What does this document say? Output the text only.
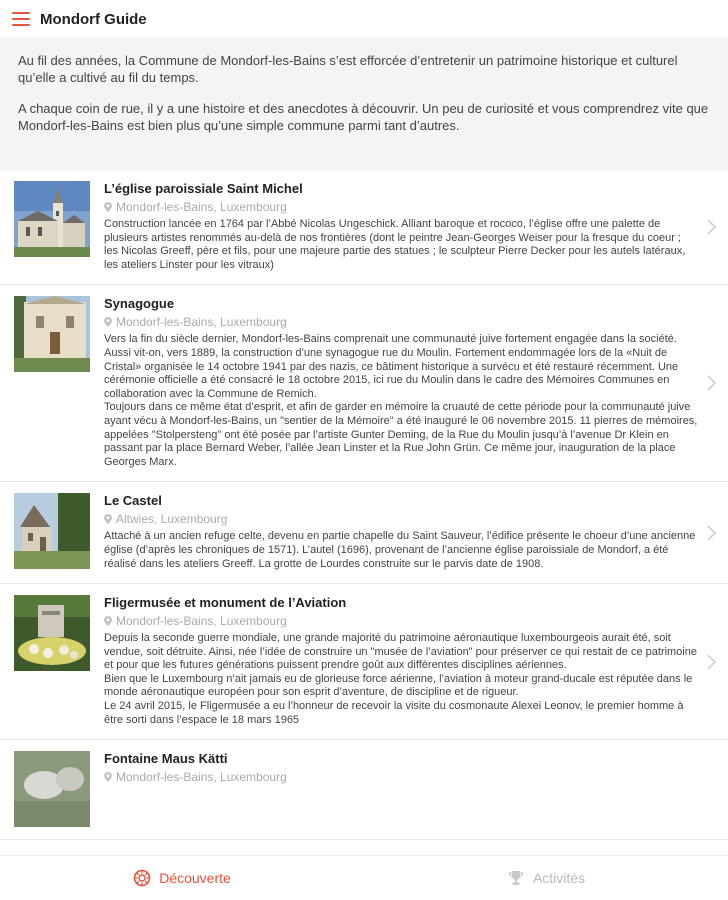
Mondorf Guide

Au fil des années, la Commune de Mondorf-les-Bains s’est efforcée d’entretenir un patrimoine historique et culturel qu’elle a cultivé au fil du temps.

A chaque coin de rue, il y a une histoire et des anecdotes à découvrir. Un peu de curiosité et vous comprendrez vite que Mondorf-les-Bains est bien plus qu’une simple commune parmi tant d’autres.

L’église paroissiale Saint Michel
Mondorf-les-Bains, Luxembourg
Construction lancée en 1764 par l’Abbé Nicolas Ungeschick. Alliant baroque et rococo, l’église offre une palette de plusieurs artistes renommés au-delà de nos frontières (dont le peintre Jean-Georges Weiser pour la fresque du coeur ; les Nicolas Greeff, père et fils, pour une majeure partie des statues ; le sculpteur Pierre Decker pour les autels latéraux, les ateliers Linster pour les vitraux)
Synagogue
Mondorf-les-Bains, Luxembourg
Vers la fin du siècle dernier, Mondorf-les-Bains comprenait une communauté juive fortement engagée dans la société. Aussi vit-on, vers 1889, la construction d’une synagogue rue du Moulin. Fortement endommagée lors de la «Nuit de Cristal» organisée le 14 octobre 1941 par des nazis, ce bâtiment historique a survécu et été restauré récemment. Une cérémonie officielle a été consacré le 18 octobre 2015, ici rue du Moulin dans le cadre des Mémoires Communes en collaboration avec la Commune de Remich.
Toujours dans ce même état d’esprit, et afin de garder en mémoire la cruauté de cette période pour la communauté juive ayant vécu à Mondorf-les-Bains, un "sentier de la Mémoire" a été inauguré le 06 novembre 2015. 11 pierres de mémoires, appelées "Stolpersteng" ont été posée par l’artiste Gunter Deming, de la Rue du Moulin jusqu’à l’avenue Dr Klein en passant par la place Bernard Weber, l’allée Jean Linster et la Rue John Grün. Ce même jour, inauguration de la place Georges Marx.
Le Castel
Altwies, Luxembourg
Attaché à un ancien refuge celte, devenu en partie chapelle du Saint Sauveur, l’édifice présente le choeur d’une ancienne église (d’après les chroniques de 1571). L’autel (1696), provenant de l’ancienne église paroissiale de Mondorf, a été réalisé dans les ateliers Greeff. La grotte de Lourdes construite sur le parvis date de 1908.
Fligermusée et monument de l’Aviation
Mondorf-les-Bains, Luxembourg
Depuis la seconde guerre mondiale, une grande majorité du patrimoine aéronautique luxembourgeois aurait été, soit vendue, soit détruite. Ainsi, née l’idée de construire un "musée de l’aviation" pour préserver ce qui restait de ce patrimoine et pour que les futures générations puissent prendre goût aux différentes disciplines aériennes.
Bien que le Luxembourg n’ait jamais eu de glorieuse force aérienne, l’aviation à moteur grand-ducale est réputée dans le monde aéronautique européen pour son esprit d’aventure, de discipline et de rigueur.
Le 24 avril 2015, le Fligermusée a eu l’honneur de recevoir la visite du cosmonaute Alexei Leonov, le premier homme à être sorti dans l’espace le 18 mars 1965
Fontaine Maus Kätti
Mondorf-les-Bains, Luxembourg
Découverte	Activités
